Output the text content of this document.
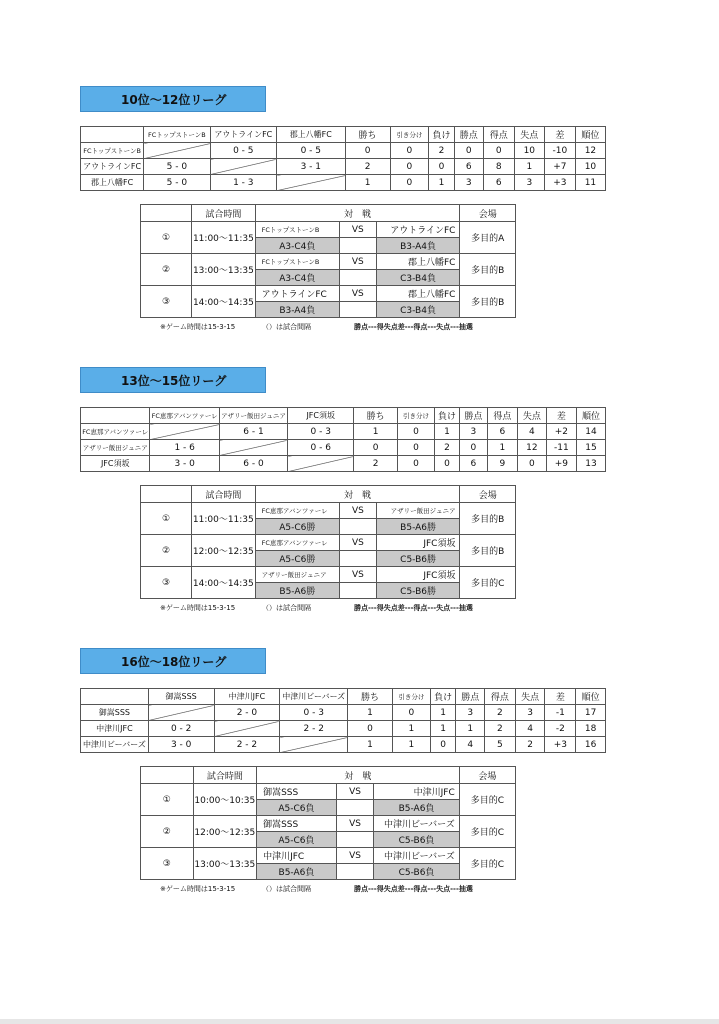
10位～12位リーグ
	FCトップストーンB	アウトラインFC	郡上八幡FC	勝ち	引き分け	負け	勝点	得点	失点	差	順位
FCトップストーンB		0 - 5	0 - 5	0	0	2	0	0	10	-10	12
アウトラインFC	5 - 0		3 - 1	2	0	0	6	8	1	+7	10
郡上八幡FC	5 - 0	1 - 3		1	0	1	3	6	3	+3	11
	試合時間	対　戦			会場
①	11:00～11:35	FCトップストーンB	VS	アウトラインFC	多目的A
		A3-C4負		B3-A4負	
②	13:00～13:35	FCトップストーンB	VS	郡上八幡FC	多目的B
		A3-C4負		C3-B4負	
③	14:00～14:35	アウトラインFC	VS	郡上八幡FC	多目的B
		B3-A4負		C3-B4負	
※ゲーム時間は15-3-15	（）は試合間隔	勝点---得失点差---得点---失点---抽選
13位～15位リーグ
	FC恵那アバンツァーレ	アザリー飯田ジュニア	JFC須坂	勝ち	引き分け	負け	勝点	得点	失点	差	順位
FC恵那アバンツァーレ		6 - 1	0 - 3	1	0	1	3	6	4	+2	14
アザリー飯田ジュニア	1 - 6		0 - 6	0	0	2	0	1	12	-11	15
JFC須坂	3 - 0	6 - 0		2	0	0	6	9	0	+9	13
	試合時間	対　戦			会場
①	11:00～11:35	FC恵那アバンツァーレ	VS	アザリー飯田ジュニア	多目的B
		A5-C6勝		B5-A6勝	
②	12:00～12:35	FC恵那アバンツァーレ	VS	JFC須坂	多目的B
		A5-C6勝		C5-B6勝	
③	14:00～14:35	アザリー飯田ジュニア	VS	JFC須坂	多目的C
		B5-A6勝		C5-B6勝	
※ゲーム時間は15-3-15	（）は試合間隔	勝点---得失点差---得点---失点---抽選
16位～18位リーグ
	御嵩SSS	中津川JFC	中津川ビーバーズ	勝ち	引き分け	負け	勝点	得点	失点	差	順位
御嵩SSS		2 - 0	0 - 3	1	0	1	3	2	3	-1	17
中津川JFC	0 - 2		2 - 2	0	1	1	1	2	4	-2	18
中津川ビーバーズ	3 - 0	2 - 2		1	1	0	4	5	2	+3	16
	試合時間	対　戦			会場
①	10:00～10:35	御嵩SSS	VS	中津川JFC	多目的C
		A5-C6負		B5-A6負	
②	12:00～12:35	御嵩SSS	VS	中津川ビーバーズ	多目的C
		A5-C6負		C5-B6負	
③	13:00～13:35	中津川JFC	VS	中津川ビーバーズ	多目的C
		B5-A6負		C5-B6負	
※ゲーム時間は15-3-15	（）は試合間隔	勝点---得失点差---得点---失点---抽選
